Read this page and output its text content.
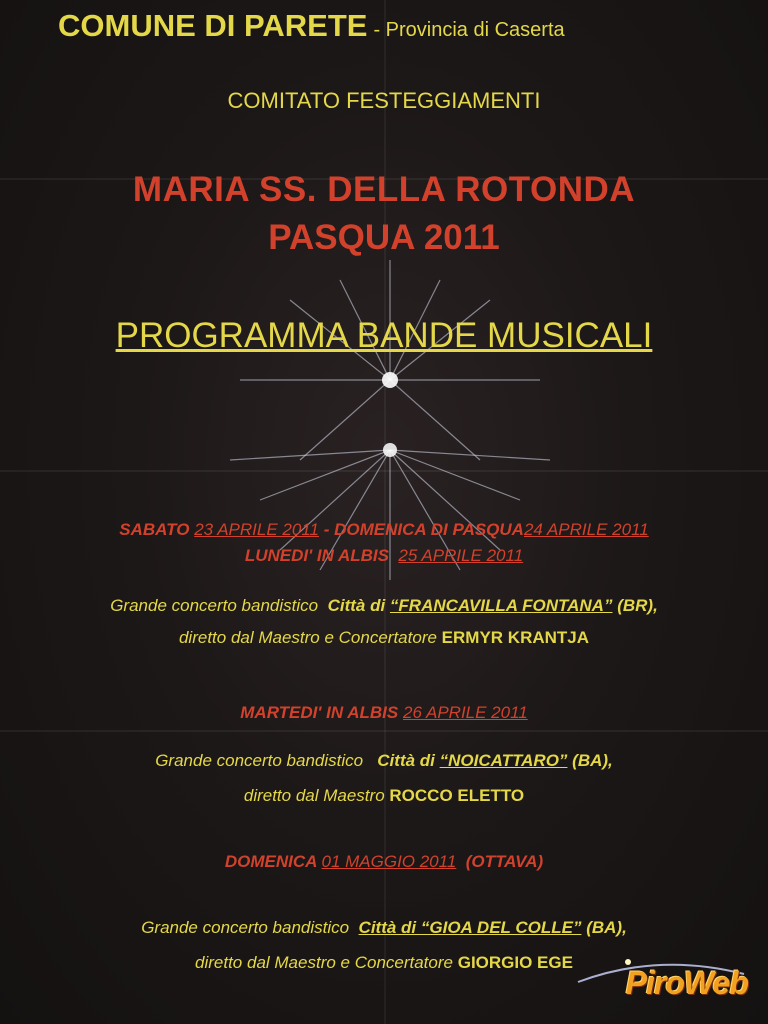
COMUNE DI PARETE - Provincia di Caserta
COMITATO FESTEGGIAMENTI
MARIA SS. DELLA ROTONDA
PASQUA 2011
PROGRAMMA BANDE MUSICALI
SABATO 23 APRILE 2011 - DOMENICA DI PASQUA24 APRILE 2011
LUNEDI' IN ALBIS 25 APRILE 2011
Grande concerto bandistico Città di “FRANCAVILLA FONTANA” (BR),
diretto dal Maestro e Concertatore ERMYR KRANTJA
MARTEDI' IN ALBIS 26 APRILE 2011
Grande concerto bandistico Città di “NOICATTARO” (BA),
diretto dal Maestro ROCCO ELETTO
DOMENICA 01 MAGGIO 2011 (OTTAVA)
Grande concerto bandistico Città di “GIOA DEL COLLE” (BA),
diretto dal Maestro e Concertatore GIORGIO EGE
PiroWeb
